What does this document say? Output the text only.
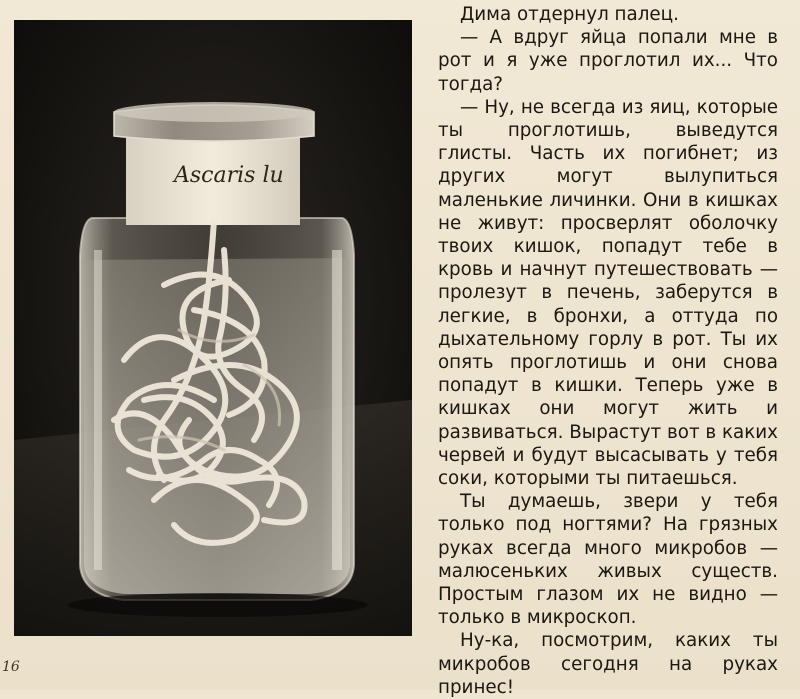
Ascaris lu

Дима отдернул палец.

— А вдруг яйца попали мне в рот и я уже проглотил их... Что тогда?

— Ну, не всегда из яиц, которые ты проглотишь, выведутся глисты. Часть их погибнет; из других могут вылупиться маленькие личинки. Они в кишках не живут: просверлят оболочку твоих кишок, попадут тебе в кровь и начнут путешествовать — пролезут в печень, заберутся в легкие, в бронхи, а оттуда по дыхательному горлу в рот. Ты их опять проглотишь и они снова попадут в кишки. Теперь уже в кишках они могут жить и развиваться. Вырастут вот в каких червей и будут высасывать у тебя соки, которыми ты питаешься.

Ты думаешь, звери у тебя только под ногтями? На грязных руках всегда много микробов — малюсеньких живых существ. Простым глазом их не видно — только в микроскоп.

Ну-ка, посмотрим, каких ты микробов сегодня на руках принес!

16
